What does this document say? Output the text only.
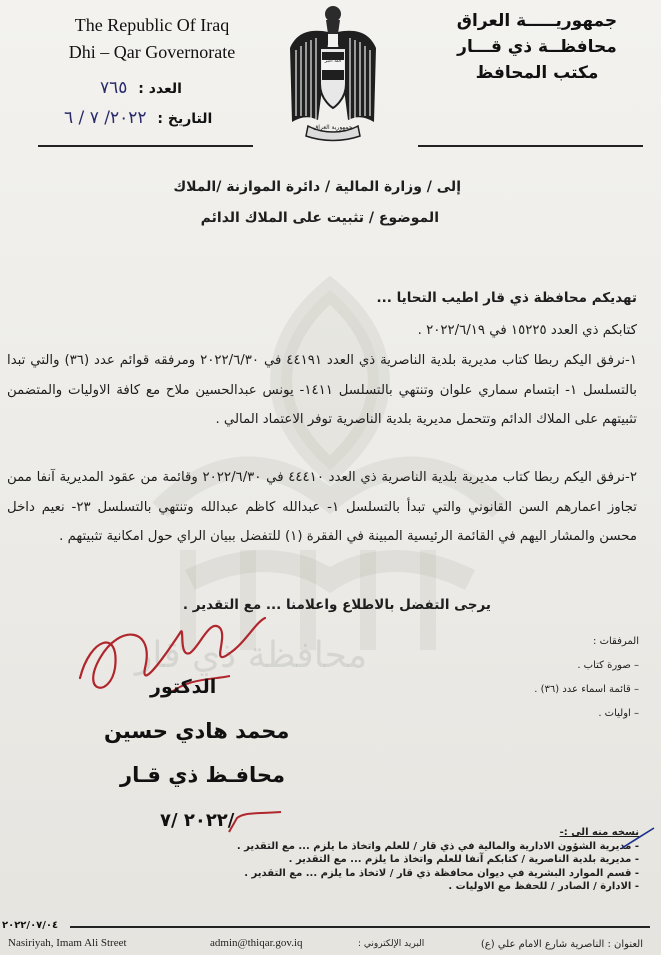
The Republic Of Iraq
Dhi – Qar Governorate
جمهوريـــــة العراق
محافظــة ذي قـــار
مكتب المحافظ
العدد : ٧٦٥
التاريخ : ٢٠٢٢/ ٧ / ٦
الله أكبر
جمهورية العراق
محافظة ذي قار
إلى / وزارة المالية / دائرة الموازنة /الملاك
الموضوع / تثبيت على الملاك الدائم
تهديكم محافظة ذي قار اطيب التحايا ...
كتابكم ذي العدد ١٥٢٢٥ في ٢٠٢٢/٦/١٩ .
١-نرفق اليكم ربطا كتاب مديرية بلدية الناصرية ذي العدد ٤٤١٩١ في ٢٠٢٢/٦/٣٠ ومرفقه قوائم عدد (٣٦) والتي تبدا بالتسلسل ١- ابتسام سماري علوان وتنتهي بالتسلسل ١٤١١- يونس عبدالحسين ملاح مع كافة الاوليات والمتضمن تثبيتهم على الملاك الدائم وتتحمل مديرية بلدية الناصرية توفر الاعتماد المالي .
٢-نرفق اليكم ربطا كتاب مديرية بلدية الناصرية ذي العدد ٤٤٤١٠ في ٢٠٢٢/٦/٣٠ وقائمة من عقود المديرية آنفا ممن تجاوز اعمارهم السن القانوني والتي تبدأ بالتسلسل ١- عبدالله كاظم عبدالله وتنتهي بالتسلسل ٢٣- نعيم داخل محسن والمشار اليهم في القائمة الرئيسية المبينة في الفقرة (١) للتفضل ببيان الراي حول امكانية تثبيتهم .
يرجى التفضل بالاطلاع واعلامنا ... مع التقدير .
المرفقات :
– صورة كتاب .
– قائمة اسماء عدد (٣٦) .
– اوليات .
الدكتور
محمد هادي حسين
محافـظ ذي قـار
٢٠٢٢ /٧/
نسخه منه الى :-
- مديرية الشؤون الادارية والمالية في ذي قار / للعلم واتخاذ ما يلزم ... مع التقدير .
- مديرية بلدية الناصرية / كتابكم آنفا للعلم واتخاذ ما يلزم ... مع التقدير .
- قسم الموارد البشرية في ديوان محافظة ذي قار / لاتخاذ ما يلزم ... مع التقدير .
- الادارة / الصادر / للحفظ مع الاوليات .
٢٠٢٢/٠٧/٠٤
Nasiriyah, Imam Ali Street	admin@thiqar.gov.iq	البريد الإلكتروني :	العنوان : الناصرية شارع الامام علي (ع)
